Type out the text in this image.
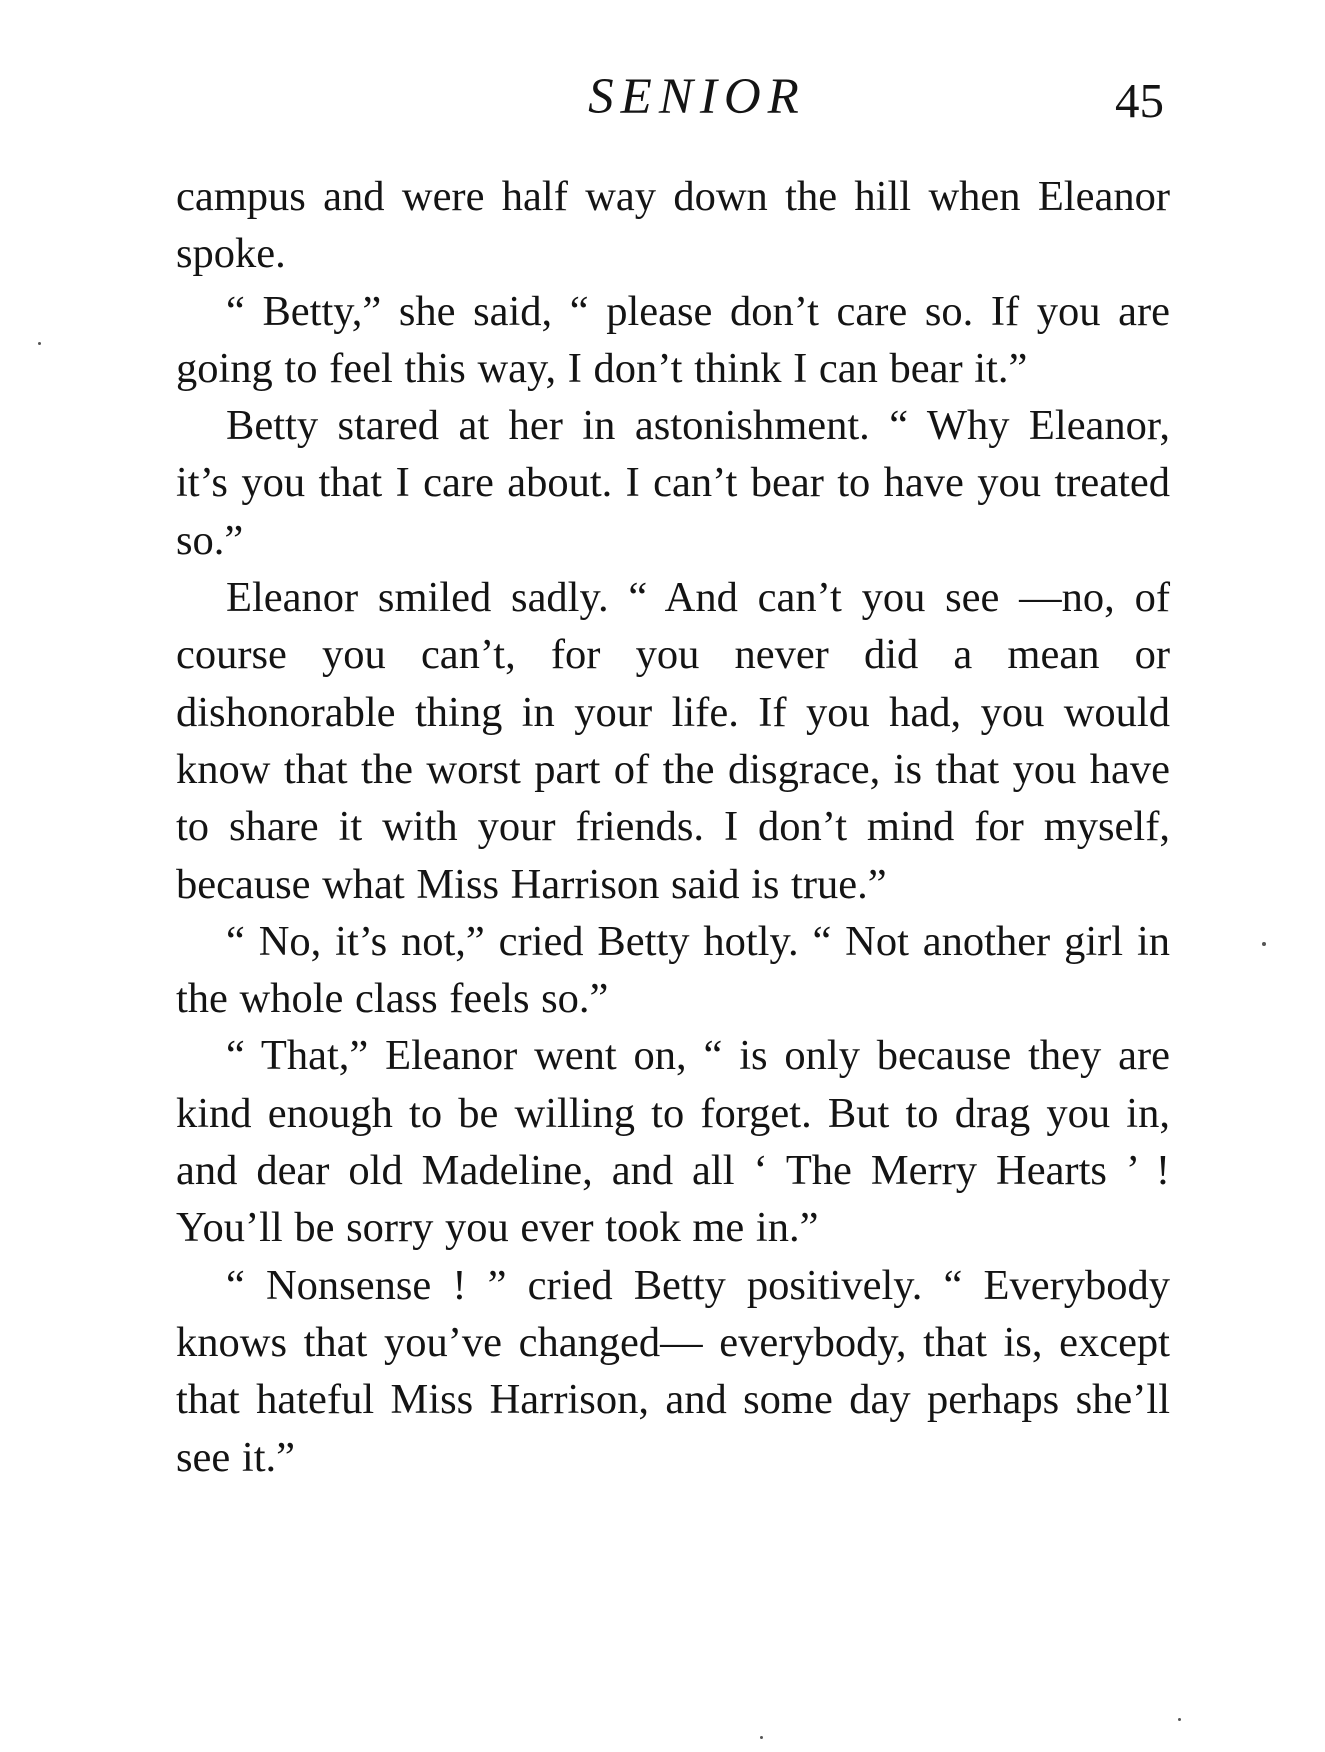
SENIOR	45

campus and were half way down the hill when Eleanor spoke.

“ Betty,” she said, “ please don’t care so. If you are going to feel this way, I don’t think I can bear it.”

Betty stared at her in astonishment. “ Why Eleanor, it’s you that I care about. I can’t bear to have you treated so.”

Eleanor smiled sadly. “ And can’t you see —no, of course you can’t, for you never did a mean or dishonorable thing in your life. If you had, you would know that the worst part of the disgrace, is that you have to share it with your friends. I don’t mind for myself, because what Miss Harrison said is true.”

“ No, it’s not,” cried Betty hotly. “ Not another girl in the whole class feels so.”

“ That,” Eleanor went on, “ is only because they are kind enough to be willing to forget. But to drag you in, and dear old Madeline, and all ‘ The Merry Hearts ’ ! You’ll be sorry you ever took me in.”

“ Nonsense ! ” cried Betty positively. “ Everybody knows that you’ve changed— everybody, that is, except that hateful Miss Harrison, and some day perhaps she’ll see it.”
